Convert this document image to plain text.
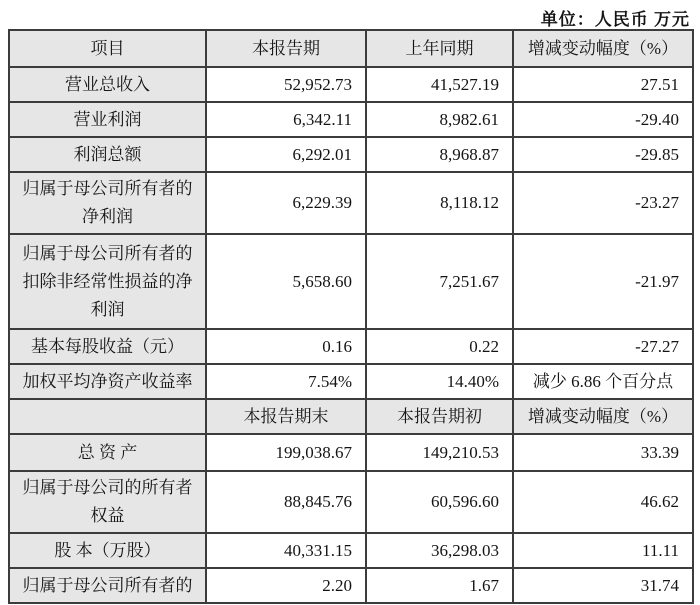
单位：人民币 万元
项目	本报告期	上年同期	增减变动幅度（%）
营业总收入	52,952.73	41,527.19	27.51
营业利润	6,342.11	8,982.61	-29.40
利润总额	6,292.01	8,968.87	-29.85
归属于母公司所有者的净利润	6,229.39	8,118.12	-23.27
归属于母公司所有者的扣除非经常性损益的净利润	5,658.60	7,251.67	-21.97
基本每股收益（元）	0.16	0.22	-27.27
加权平均净资产收益率	7.54%	14.40%	减少 6.86 个百分点
	本报告期末	本报告期初	增减变动幅度（%）
总 资 产	199,038.67	149,210.53	33.39
归属于母公司的所有者权益	88,845.76	60,596.60	46.62
股 本（万股）	40,331.15	36,298.03	11.11
归属于母公司所有者的	2.20	1.67	31.74
